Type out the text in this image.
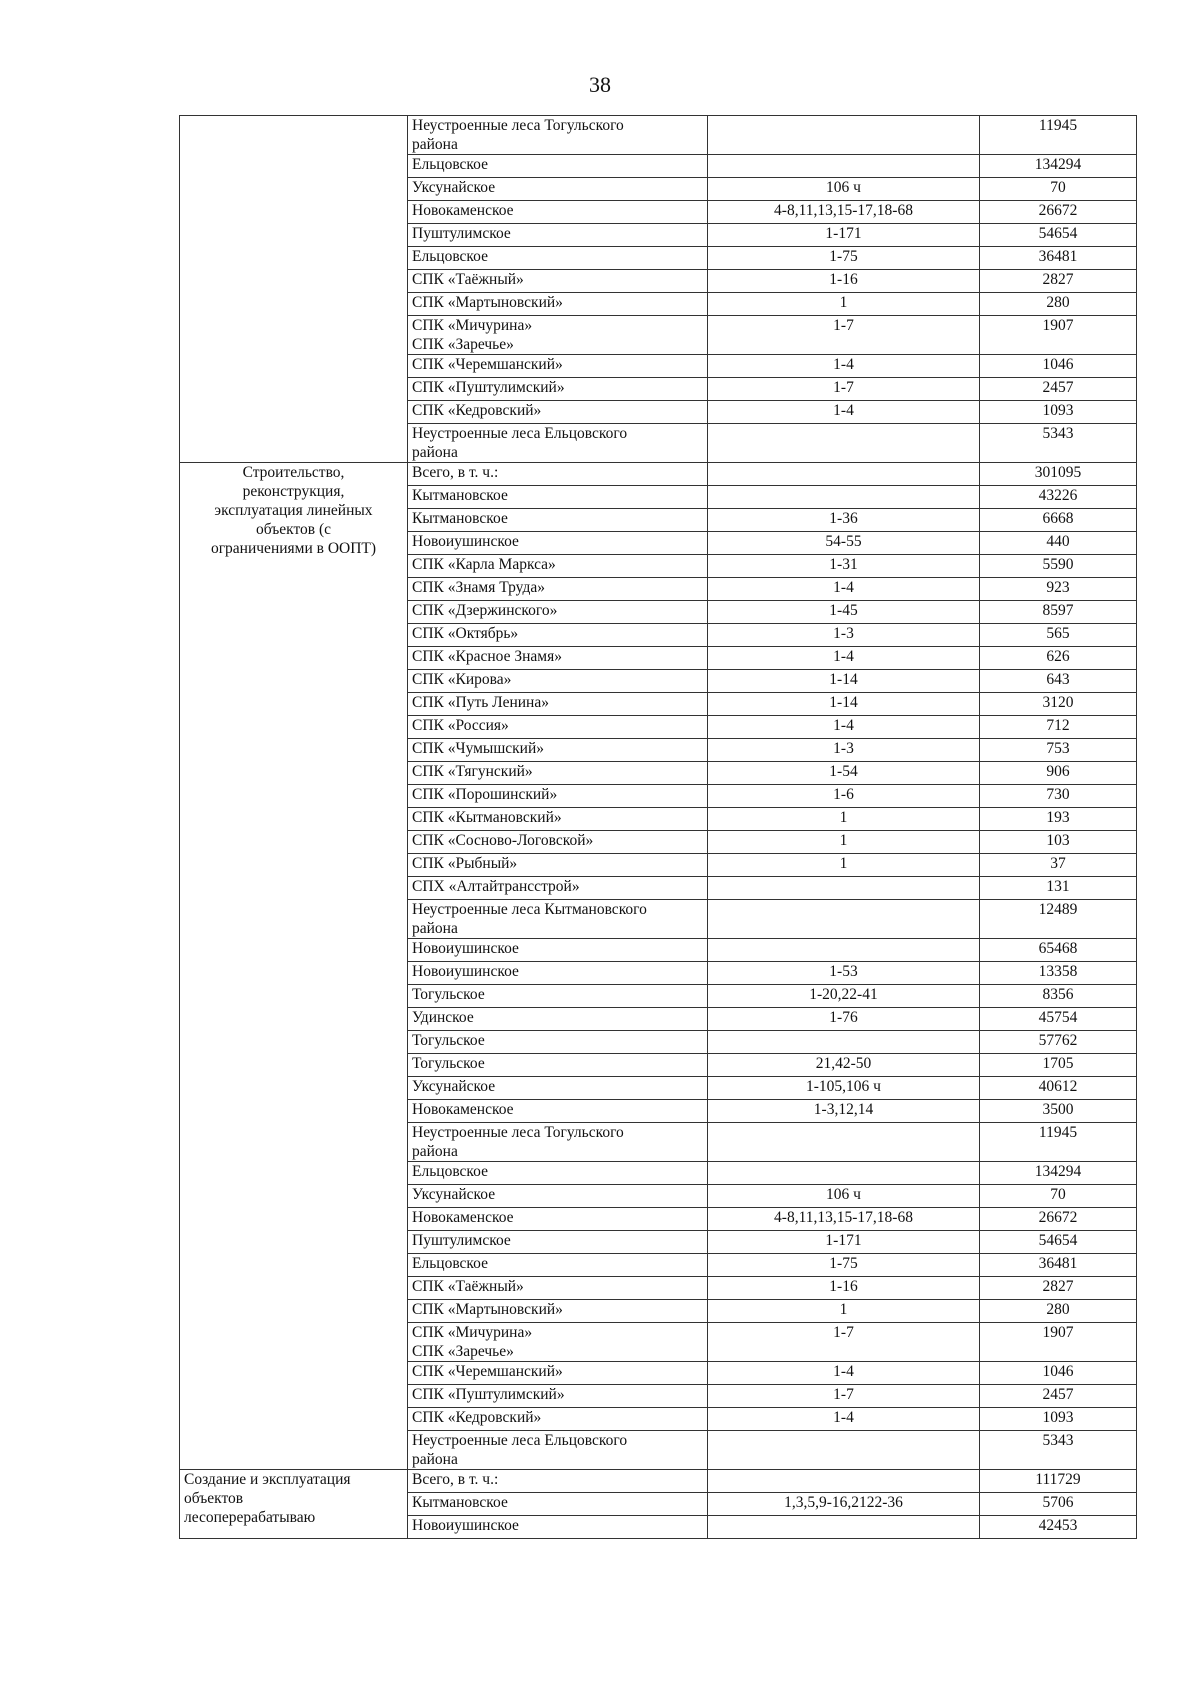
38

	Неустроенные леса Тогульского
района		11945

	Ельцовское		134294

	Уксунайское	106 ч	70

	Новокаменское	4-8,11,13,15-17,18-68	26672

	Пуштулимское	1-171	54654

	Ельцовское	1-75	36481

	СПК «Таёжный»	1-16	2827

	СПК «Мартыновский»	1	280

	СПК «Мичурина»
СПК «Заречье»	1-7	1907

	СПК «Черемшанский»	1-4	1046

	СПК «Пуштулимский»	1-7	2457

	СПК «Кедровский»	1-4	1093

	Неустроенные леса Ельцовского
района		5343

Строительство,
реконструкция,
эксплуатация линейных
объектов (с
ограничениями в ООПТ)	Всего, в т. ч.:		301095

	Кытмановское		43226

	Кытмановское	1-36	6668

	Новоиушинское	54-55	440

	СПК «Карла Маркса»	1-31	5590

	СПК «Знамя Труда»	1-4	923

	СПК «Дзержинского»	1-45	8597

	СПК «Октябрь»	1-3	565

	СПК «Красное Знамя»	1-4	626

	СПК «Кирова»	1-14	643

	СПК «Путь Ленина»	1-14	3120

	СПК «Россия»	1-4	712

	СПК «Чумышский»	1-3	753

	СПК «Тягунский»	1-54	906

	СПК «Порошинский»	1-6	730

	СПК «Кытмановский»	1	193

	СПК «Сосново-Логовской»	1	103

	СПК «Рыбный»	1	37

	СПХ «Алтайтрансстрой»		131

	Неустроенные леса Кытмановского
района		12489

	Новоиушинское		65468

	Новоиушинское	1-53	13358

	Тогульское	1-20,22-41	8356

	Удинское	1-76	45754

	Тогульское		57762

	Тогульское	21,42-50	1705

	Уксунайское	1-105,106 ч	40612

	Новокаменское	1-3,12,14	3500

	Неустроенные леса Тогульского
района		11945

	Ельцовское		134294

	Уксунайское	106 ч	70

	Новокаменское	4-8,11,13,15-17,18-68	26672

	Пуштулимское	1-171	54654

	Ельцовское	1-75	36481

	СПК «Таёжный»	1-16	2827

	СПК «Мартыновский»	1	280

	СПК «Мичурина»
СПК «Заречье»	1-7	1907

	СПК «Черемшанский»	1-4	1046

	СПК «Пуштулимский»	1-7	2457

	СПК «Кедровский»	1-4	1093

	Неустроенные леса Ельцовского
района		5343

Создание и эксплуатация
объектов
лесоперерабатываю	Всего, в т. ч.:		111729

	Кытмановское	1,3,5,9-16,2122-36	5706

	Новоиушинское		42453
